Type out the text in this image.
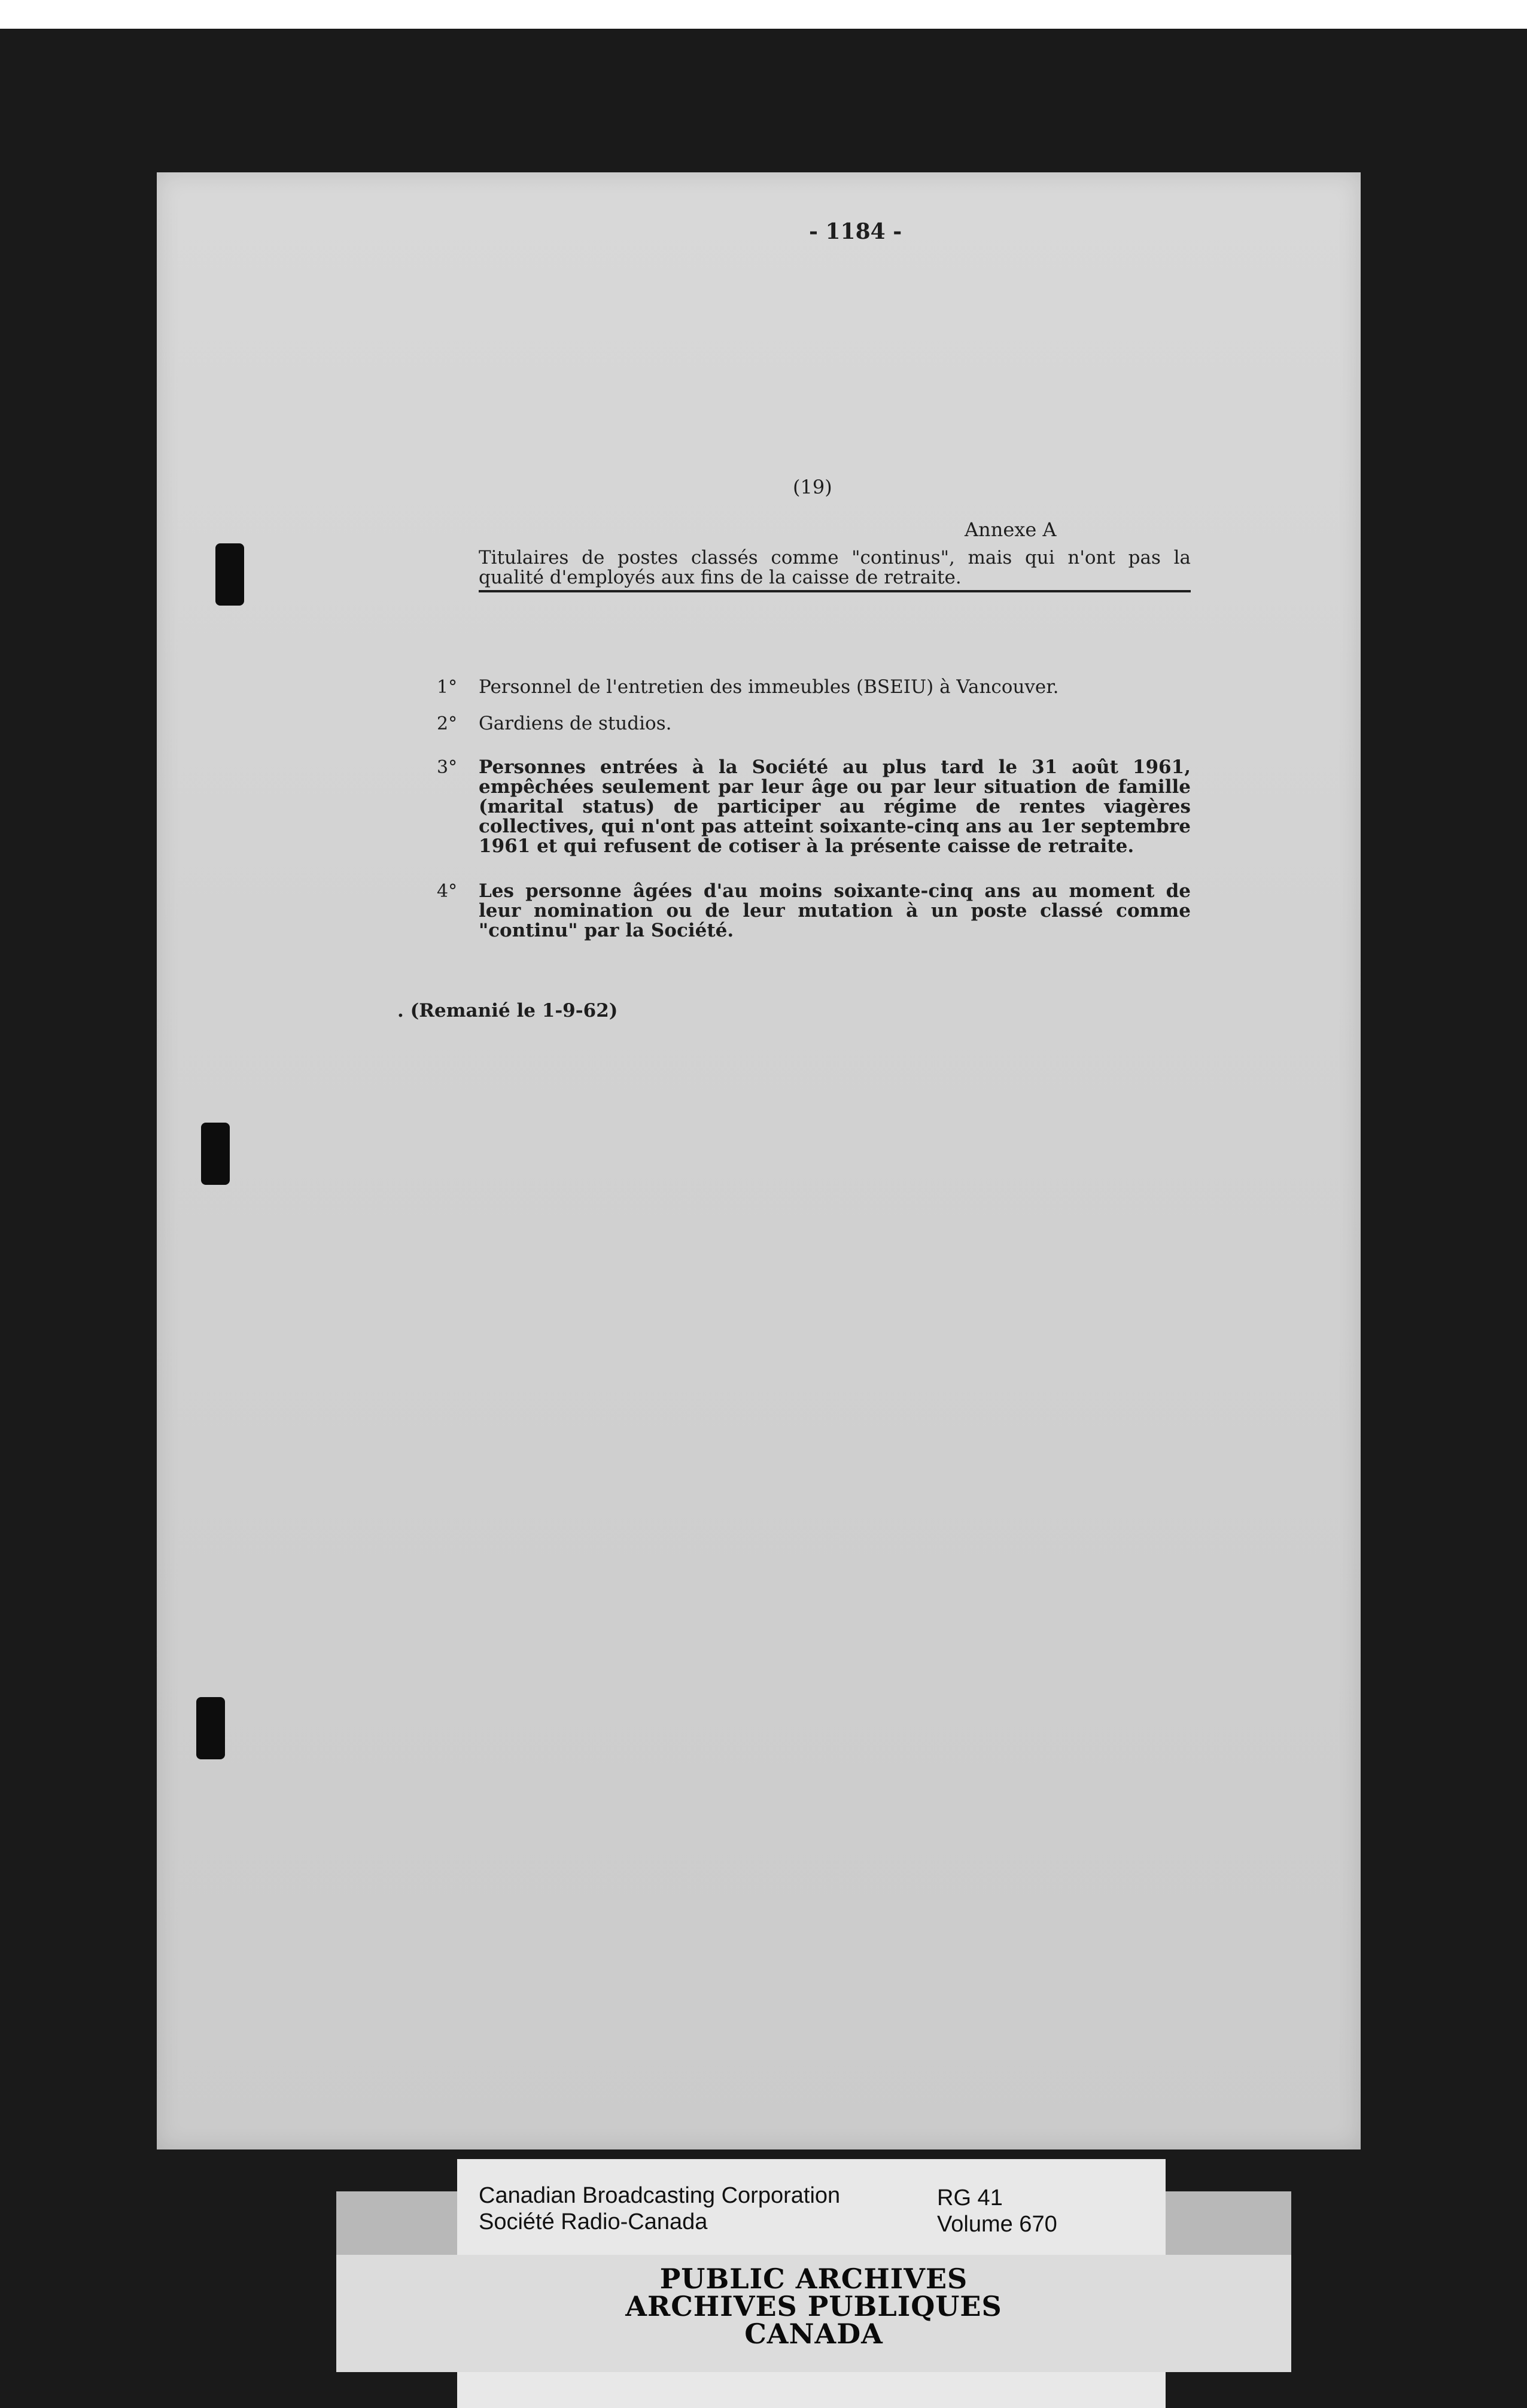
- 1184 -
(19)
Annexe A
Titulaires de postes classés comme "continus", mais qui n'ont pas la qualité d'employés aux fins de la caisse de retraite.
1° Personnel de l'entretien des immeubles (BSEIU) à Vancouver.
2° Gardiens de studios.
3° Personnes entrées à la Société au plus tard le 31 août 1961, empêchées seulement par leur âge ou par leur situation de famille (marital status) de participer au régime de rentes viagères collectives, qui n'ont pas atteint soixante-cinq ans au 1er septembre 1961 et qui refusent de cotiser à la présente caisse de retraite.
4° Les personne âgées d'au moins soixante-cinq ans au moment de leur nomination ou de leur mutation à un poste classé comme "continu" par la Société.
. (Remanié le 1-9-62)
Canadian Broadcasting Corporation
Société Radio-Canada
RG 41
Volume 670
PUBLIC ARCHIVES
ARCHIVES PUBLIQUES
CANADA
